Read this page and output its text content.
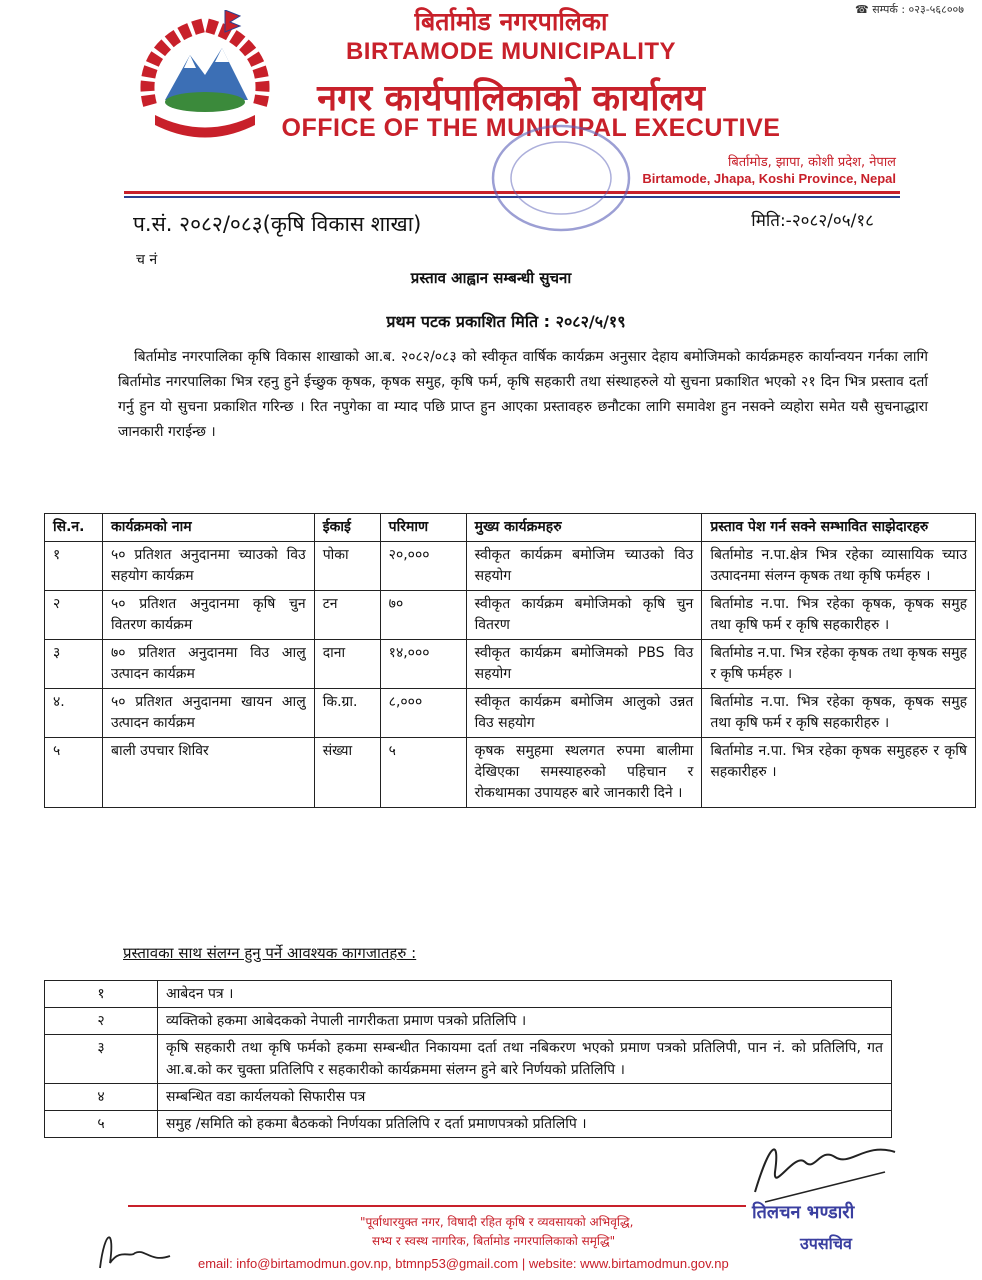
☎ सम्पर्क : ०२३-५६८००७
बिर्तामोड नगरपालिका
BIRTAMODE MUNICIPALITY
नगर कार्यपालिकाको कार्यालय
OFFICE OF THE MUNICIPAL EXECUTIVE
बिर्तामोड, झापा, कोशी प्रदेश, नेपाल
Birtamode, Jhapa, Koshi Province, Nepal
प.सं. २०८२/०८३(कृषि विकास शाखा)	मिति:-२०८२/०५/१८
च नं
प्रस्ताव आह्वान सम्बन्धी सुचना
प्रथम पटक प्रकाशित मिति : २०८२/५/१९
बिर्तामोड नगरपालिका कृषि विकास शाखाको आ.ब. २०८२/०८३ को स्वीकृत वार्षिक कार्यक्रम अनुसार देहाय बमोजिमको कार्यक्रमहरु कार्यान्वयन गर्नका लागि बिर्तामोड नगरपालिका भित्र रहनु हुने ईच्छुक कृषक, कृषक समुह, कृषि फर्म, कृषि सहकारी तथा संस्थाहरुले यो सुचना प्रकाशित भएको २१ दिन भित्र प्रस्ताव दर्ता गर्नु हुन यो सुचना प्रकाशित गरिन्छ । रित नपुगेका वा म्याद पछि प्राप्त हुन आएका प्रस्तावहरु छनौटका लागि समावेश हुन नसक्ने व्यहोरा समेत यसै सुचनाद्धारा जानकारी गराईन्छ ।
सि.न.	कार्यक्रमको नाम	ईकाई	परिमाण	मुख्य कार्यक्रमहरु	प्रस्ताव पेश गर्न सक्ने सम्भावित साझेदारहरु
१	५० प्रतिशत अनुदानमा च्याउको विउ सहयोग कार्यक्रम	पोका	२०,०००	स्वीकृत कार्यक्रम बमोजिम च्याउको विउ सहयोग	बिर्तामोड न.पा.क्षेत्र भित्र रहेका व्यासायिक च्याउ उत्पादनमा संलग्न कृषक तथा कृषि फर्महरु ।
२	५० प्रतिशत अनुदानमा कृषि चुन वितरण कार्यक्रम	टन	७०	स्वीकृत कार्यक्रम बमोजिमको कृषि चुन वितरण	बिर्तामोड न.पा. भित्र रहेका कृषक, कृषक समुह तथा कृषि फर्म र कृषि सहकारीहरु ।
३	७० प्रतिशत अनुदानमा विउ आलु उत्पादन कार्यक्रम	दाना	१४,०००	स्वीकृत कार्यक्रम बमोजिमको PBS विउ सहयोग	बिर्तामोड न.पा. भित्र रहेका कृषक तथा कृषक समुह र कृषि फर्महरु ।
४.	५० प्रतिशत अनुदानमा खायन आलु उत्पादन कार्यक्रम	कि.ग्रा.	८,०००	स्वीकृत कार्यक्रम बमोजिम आलुको उन्नत विउ सहयोग	बिर्तामोड न.पा. भित्र रहेका कृषक, कृषक समुह तथा कृषि फर्म र कृषि सहकारीहरु ।
५	बाली उपचार शिविर	संख्या	५	कृषक समुहमा स्थलगत रुपमा बालीमा देखिएका समस्याहरुको पहिचान र रोकथामका उपायहरु बारे जानकारी दिने ।	बिर्तामोड न.पा. भित्र रहेका कृषक समुहहरु र कृषि सहकारीहरु ।
प्रस्तावका साथ संलग्न हुनु पर्ने आवश्यक कागजातहरु :
१	आबेदन पत्र ।
२	व्यक्तिको हकमा आबेदकको नेपाली नागरीकता प्रमाण पत्रको प्रतिलिपि ।
३	कृषि सहकारी तथा कृषि फर्मको हकमा सम्बन्धीत निकायमा दर्ता तथा नबिकरण भएको प्रमाण पत्रको प्रतिलिपी, पान नं. को प्रतिलिपि, गत आ.ब.को कर चुक्ता प्रतिलिपि र सहकारीको कार्यक्रममा संलग्न हुने बारे निर्णयको प्रतिलिपि ।
४	सम्बन्धित वडा कार्यलयको सिफारीस पत्र
५	समुह /समिति को हकमा बैठकको निर्णयका प्रतिलिपि र दर्ता प्रमाणपत्रको प्रतिलिपि ।
तिलचन भण्डारी
उपसचिव
"पूर्वाधारयुक्त नगर, विषादी रहित कृषि र व्यवसायको अभिवृद्धि,
सभ्य र स्वस्थ नागरिक, बिर्तामोड नगरपालिकाको समृद्धि"
email: info@birtamodmun.gov.np, btmnp53@gmail.com | website: www.birtamodmun.gov.np
